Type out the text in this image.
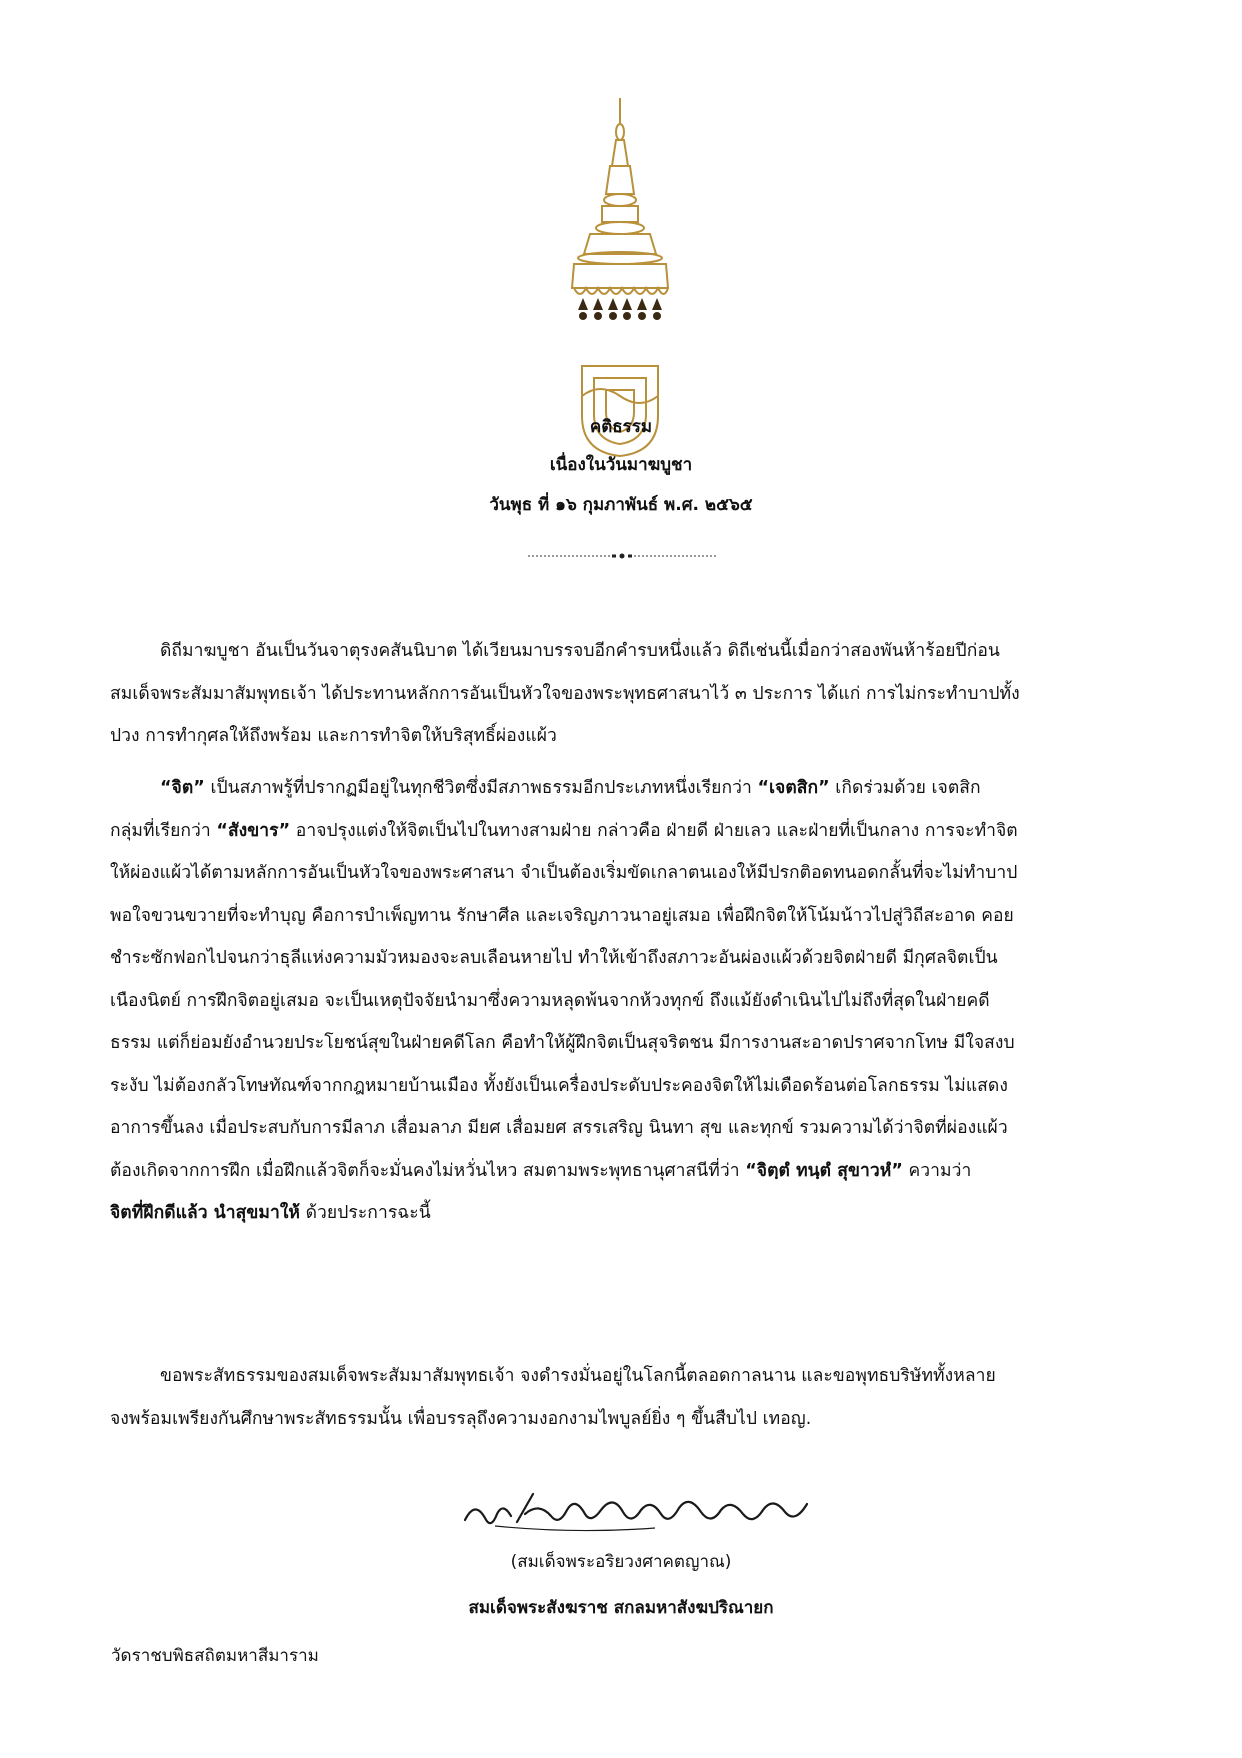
คติธรรม
เนื่องในวันมาฆบูชา
วันพุธ ที่ ๑๖ กุมภาพันธ์ พ.ศ. ๒๕๖๕
ดิถีมาฆบูชา อันเป็นวันจาตุรงคสันนิบาต ได้เวียนมาบรรจบอีกคำรบหนึ่งแล้ว ดิถีเช่นนี้เมื่อกว่าสองพันห้าร้อยปีก่อน
สมเด็จพระสัมมาสัมพุทธเจ้า ได้ประทานหลักการอันเป็นหัวใจของพระพุทธศาสนาไว้ ๓ ประการ ได้แก่ การไม่กระทำบาปทั้ง
ปวง การทำกุศลให้ถึงพร้อม และการทำจิตให้บริสุทธิ์ผ่องแผ้ว
“จิต” เป็นสภาพรู้ที่ปรากฏมีอยู่ในทุกชีวิตซึ่งมีสภาพธรรมอีกประเภทหนึ่งเรียกว่า “เจตสิก” เกิดร่วมด้วย เจตสิก
กลุ่มที่เรียกว่า “สังขาร” อาจปรุงแต่งให้จิตเป็นไปในทางสามฝ่าย กล่าวคือ ฝ่ายดี ฝ่ายเลว และฝ่ายที่เป็นกลาง การจะทำจิต
ให้ผ่องแผ้วได้ตามหลักการอันเป็นหัวใจของพระศาสนา จำเป็นต้องเริ่มขัดเกลาตนเองให้มีปรกติอดทนอดกลั้นที่จะไม่ทำบาป
พอใจขวนขวายที่จะทำบุญ คือการบำเพ็ญทาน รักษาศีล และเจริญภาวนาอยู่เสมอ เพื่อฝึกจิตให้โน้มน้าวไปสู่วิถีสะอาด คอย
ชำระซักฟอกไปจนกว่าธุลีแห่งความมัวหมองจะลบเลือนหายไป ทำให้เข้าถึงสภาวะอันผ่องแผ้วด้วยจิตฝ่ายดี มีกุศลจิตเป็น
เนืองนิตย์ การฝึกจิตอยู่เสมอ จะเป็นเหตุปัจจัยนำมาซึ่งความหลุดพ้นจากห้วงทุกข์ ถึงแม้ยังดำเนินไปไม่ถึงที่สุดในฝ่ายคดี
ธรรม แต่ก็ย่อมยังอำนวยประโยชน์สุขในฝ่ายคดีโลก คือทำให้ผู้ฝึกจิตเป็นสุจริตชน มีการงานสะอาดปราศจากโทษ มีใจสงบ
ระงับ ไม่ต้องกลัวโทษทัณฑ์จากกฎหมายบ้านเมือง ทั้งยังเป็นเครื่องประดับประคองจิตให้ไม่เดือดร้อนต่อโลกธรรม ไม่แสดง
อาการขึ้นลง เมื่อประสบกับการมีลาภ เสื่อมลาภ มียศ เสื่อมยศ สรรเสริญ นินทา สุข และทุกข์ รวมความได้ว่าจิตที่ผ่องแผ้ว
ต้องเกิดจากการฝึก เมื่อฝึกแล้วจิตก็จะมั่นคงไม่หวั่นไหว สมตามพระพุทธานุศาสนีที่ว่า “จิตฺตํ ทนฺตํ สุขาวหํ” ความว่า
จิตที่ฝึกดีแล้ว นำสุขมาให้ ด้วยประการฉะนี้
ขอพระสัทธรรมของสมเด็จพระสัมมาสัมพุทธเจ้า จงดำรงมั่นอยู่ในโลกนี้ตลอดกาลนาน และขอพุทธบริษัททั้งหลาย
จงพร้อมเพรียงกันศึกษาพระสัทธรรมนั้น เพื่อบรรลุถึงความงอกงามไพบูลย์ยิ่ง ๆ ขึ้นสืบไป เทอญ.
(สมเด็จพระอริยวงศาคตญาณ)
สมเด็จพระสังฆราช สกลมหาสังฆปริณายก
วัดราชบพิธสถิตมหาสีมาราม
